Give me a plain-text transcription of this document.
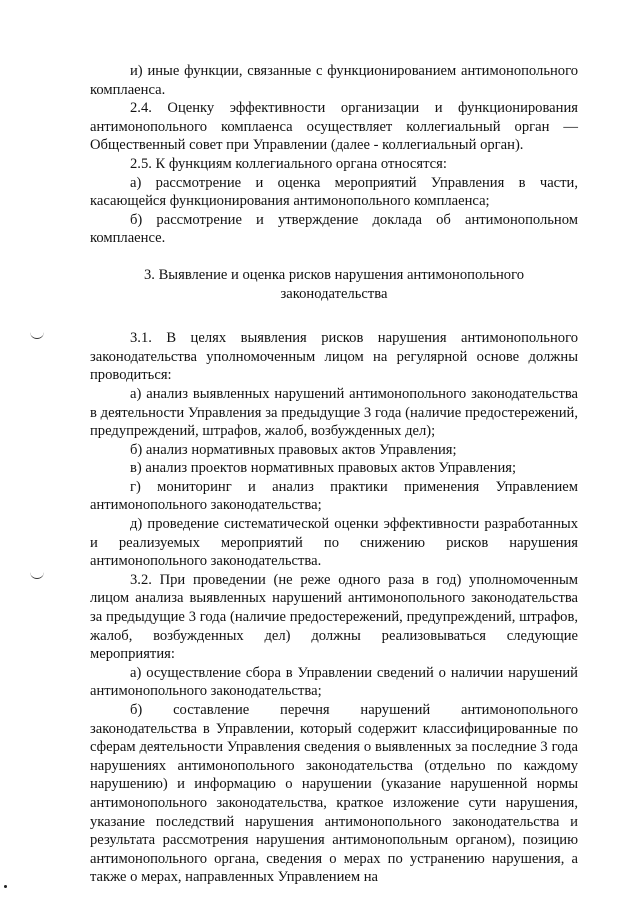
и) иные функции, связанные с функционированием антимонопольного комплаенса.

2.4. Оценку эффективности организации и функционирования антимонопольного комплаенса осуществляет коллегиальный орган — Общественный совет при Управлении (далее - коллегиальный орган).

2.5. К функциям коллегиального органа относятся:

а) рассмотрение и оценка мероприятий Управления в части, касающейся функционирования антимонопольного комплаенса;

б) рассмотрение и утверждение доклада об антимонопольном комплаенсе.

3. Выявление и оценка рисков нарушения антимонопольного законодательства

3.1. В целях выявления рисков нарушения антимонопольного законодательства уполномоченным лицом на регулярной основе должны проводиться:

а) анализ выявленных нарушений антимонопольного законодательства в деятельности Управления за предыдущие 3 года (наличие предостережений, предупреждений, штрафов, жалоб, возбужденных дел);

б) анализ нормативных правовых актов Управления;

в) анализ проектов нормативных правовых актов Управления;

г) мониторинг и анализ практики применения Управлением антимонопольного законодательства;

д) проведение систематической оценки эффективности разработанных и реализуемых мероприятий по снижению рисков нарушения антимонопольного законодательства.

3.2. При проведении (не реже одного раза в год) уполномоченным лицом анализа выявленных нарушений антимонопольного законодательства за предыдущие 3 года (наличие предостережений, предупреждений, штрафов, жалоб, возбужденных дел) должны реализовываться следующие мероприятия:

а) осуществление сбора в Управлении сведений о наличии нарушений антимонопольного законодательства;

б) составление перечня нарушений антимонопольного законодательства в Управлении, который содержит классифицированные по сферам деятельности Управления сведения о выявленных за последние 3 года нарушениях антимонопольного законодательства (отдельно по каждому нарушению) и информацию о нарушении (указание нарушенной нормы антимонопольного законодательства, краткое изложение сути нарушения, указание последствий нарушения антимонопольного законодательства и результата рассмотрения нарушения антимонопольным органом), позицию антимонопольного органа, сведения о мерах по устранению нарушения, а также о мерах, направленных Управлением на
